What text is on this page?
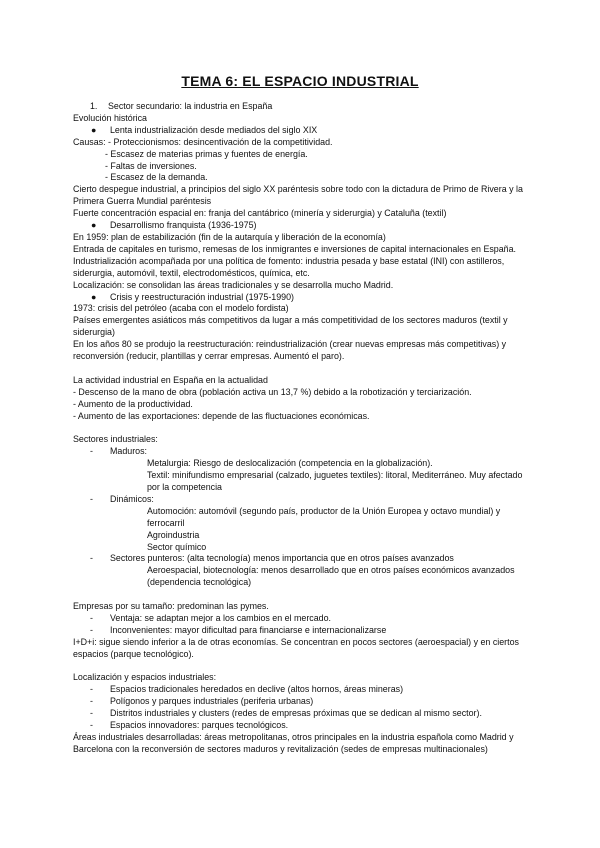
TEMA 6: EL ESPACIO INDUSTRIAL
1. Sector secundario: la industria en España
Evolución histórica
● Lenta industrialización desde mediados del siglo XIX
Causas: - Proteccionismos: desincentivación de la competitividad.
- Escasez de materias primas y fuentes de energía.
- Faltas de inversiones.
- Escasez de la demanda.
Cierto despegue industrial, a principios del siglo XX paréntesis sobre todo con la dictadura de Primo de Rivera y la Primera Guerra Mundial paréntesis
Fuerte concentración espacial en: franja del cantábrico (minería y siderurgia) y Cataluña (textil)
● Desarrollismo franquista (1936-1975)
En 1959: plan de estabilización (fin de la autarquía y liberación de la economía)
Entrada de capitales en turismo, remesas de los inmigrantes e inversiones de capital internacionales en España.
Industrialización acompañada por una política de fomento: industria pesada y base estatal (INI) con astilleros, siderurgia, automóvil, textil, electrodomésticos, química, etc.
Localización: se consolidan las áreas tradicionales y se desarrolla mucho Madrid.
● Crisis y reestructuración industrial (1975-1990)
1973: crisis del petróleo (acaba con el modelo fordista)
Países emergentes asiáticos más competitivos da lugar a más competitividad de los sectores maduros (textil y siderurgia)
En los años 80 se produjo la reestructuración: reindustrialización (crear nuevas empresas más competitivas) y reconversión (reducir, plantillas y cerrar empresas. Aumentó el paro).
La actividad industrial en España en la actualidad
- Descenso de la mano de obra (población activa un 13,7 %) debido a la robotización y terciarización.
- Aumento de la productividad.
- Aumento de las exportaciones: depende de las fluctuaciones económicas.
Sectores industriales:
- Maduros:
Metalurgia: Riesgo de deslocalización (competencia en la globalización).
Textil: minifundismo empresarial (calzado, juguetes textiles): litoral, Mediterráneo. Muy afectado por la competencia
- Dinámicos:
Automoción: automóvil (segundo país, productor de la Unión Europea y octavo mundial) y ferrocarril
Agroindustria
Sector químico
- Sectores punteros: (alta tecnología) menos importancia que en otros países avanzados
Aeroespacial, biotecnología: menos desarrollado que en otros países económicos avanzados (dependencia tecnológica)
Empresas por su tamaño: predominan las pymes.
- Ventaja: se adaptan mejor a los cambios en el mercado.
- Inconvenientes: mayor dificultad para financiarse e internacionalizarse
I+D+i: sigue siendo inferior a la de otras economías. Se concentran en pocos sectores (aeroespacial) y en ciertos espacios (parque tecnológico).
Localización y espacios industriales:
- Espacios tradicionales heredados en declive (altos hornos, áreas mineras)
- Polígonos y parques industriales (periferia urbanas)
- Distritos industriales y clusters (redes de empresas próximas que se dedican al mismo sector).
- Espacios innovadores: parques tecnológicos.
Áreas industriales desarrolladas: áreas metropolitanas, otros principales en la industria española como Madrid y Barcelona con la reconversión de sectores maduros y revitalización (sedes de empresas multinacionales)
